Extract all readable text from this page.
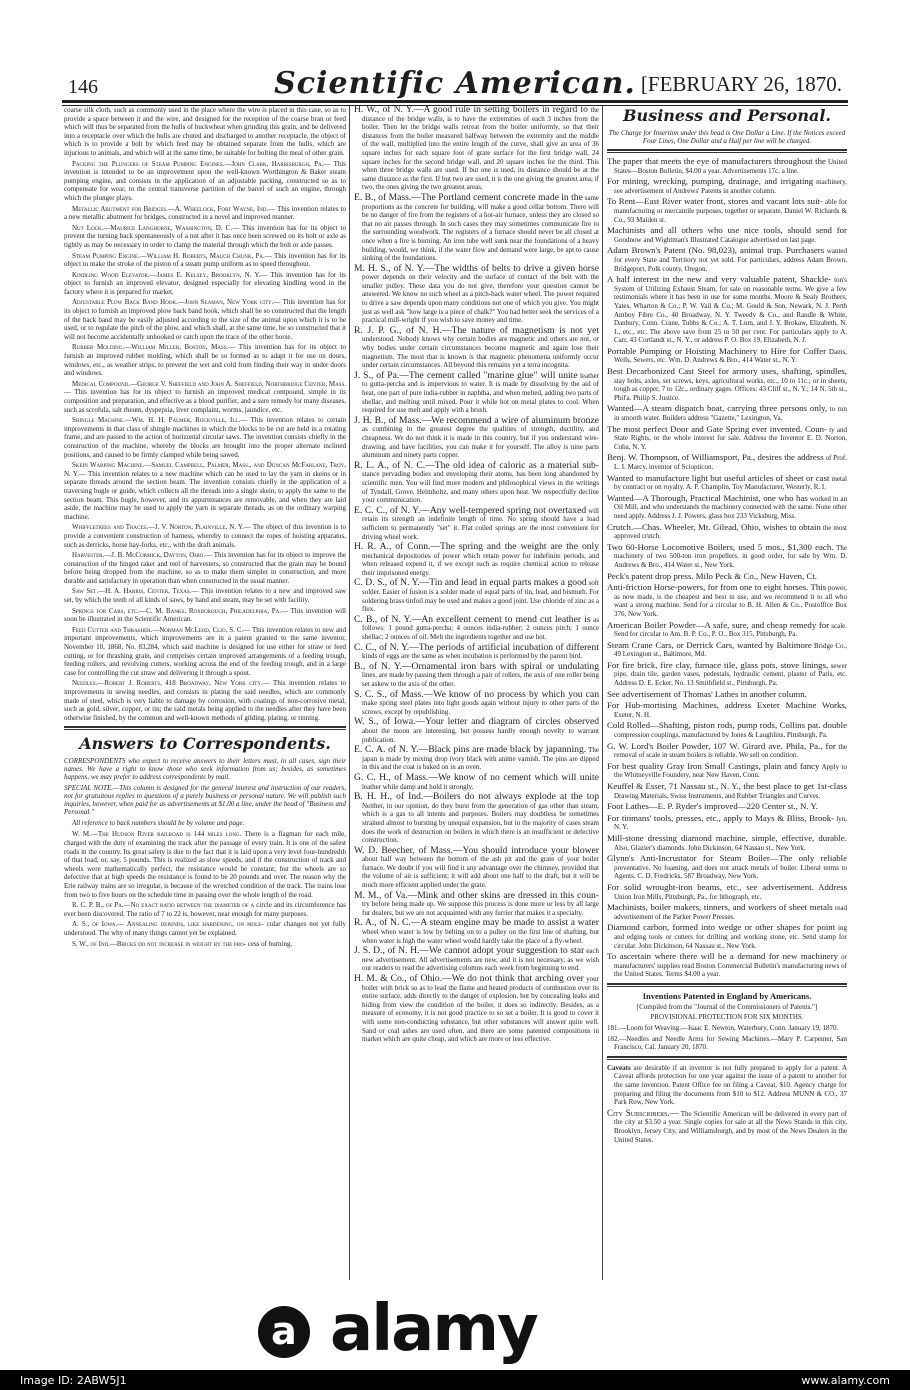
146	Scientific American. [FEBRUARY 26, 1870.

coarse silk cloth, such as commonly used in the place where the wire is placed in this case, so as to provide a space between it and the wire, and designed for the reception of the coarse bran or feed which will thus be separated from the hulls of buckwheat when grinding this grain, and be delivered into a receptacle over which the hulls are chuted and discharged to another receptacle, the object of which is to provide a bolt by which feed may be obtained separate from the hulls, which are injurious to animals, and which will at the same time, be suitable for bolting the meal of other grain.

Packing the Plungers of Steam Pumping Engines.—John Clark, Harrisburgh, Pa.— This invention is intended to be an improvement upon the well-known Worthington & Baker steam pumping engine, and consists in the application of an adjustable packing, constructed so as to compensate for wear, to the central transverse partition of the barrel of such an engine, through which the plunger plays.

Metallic Abutment for Bridges.—A. Wheelock, Fort Wayne, Ind.— This invention relates to a new metallic abutment for bridges, constructed in a novel and improved manner.

Nut Lock.—Maurice Langhorne, Washington, D. C.— This invention has for its object to prevent the turning back spontaneously of a nut after it has once been screwed on its bolt or axle as tightly as may be necessary in order to clamp the material through which the bolt or axle passes.

Steam Pumping Engine.—William H. Roberts, Mauch Chunk, Pa.— This invention has for its object to make the stroke of the piston of a steam pump uniform as to speed throughout.

Kindling Wood Elevator.—James E. Kelsey, Brooklyn, N. Y.— This invention has for its object to furnish an improved elevator, designed especially for elevating kindling wood in the factory where it is prepared for market.

Adjustable Plow Back Band Hook.—John Seaman, New York city.— This invention has for its object to furnish an improved plow back band hook, which shall be so constructed that the length of the back band may be easily adjusted according to the size of the animal upon which it is to be used, or to regulate the pitch of the plow, and which shall, at the same time, be so constructed that it will not become accidentally unhooked or catch upon the trace of the other horse.

Rubber Molding.—William Miller, Boston, Mass.— This invention has for its object to furnish an improved rubber molding, which shall be so formed as to adapt it for use on doors, windows, etc., as weather strips, to prevent the wet and cold from finding their way in under doors and windows.

Medical Compound.—George V. Sheffield and John A. Sheffield, Northbridge Center, Mass.— This invention has for its object to furnish an improved medical compound, simple in its composition and preparation, and effective as a blood purifier, and a sure remedy for many diseases, such as scrofula, salt rheum, dyspepsia, liver complaint, worms, jaundice, etc.

Shingle Machine.—Wm. H. H. Palmer, Rockville, Ill.— This invention relates to certain improvements in that class of shingle machines in which the blocks to be cut are held in a rotating frame, and are passed to the action of horizontal circular saws. The invention consists chiefly in the construction of the machine, whereby the blocks are brought into the proper alternate inclined positions, and caused to be firmly clamped while being sawed.

Skein Warping Machine.—Samuel Campbell, Palmer, Mass., and Duncan McFarlane, Troy, N. Y.— This invention relates to a new machine which can be used to lay the yarn in skeins or in separate threads around the section beam. The invention consists chiefly in the application of a traversing bugle or guide, which collects all the threads into a single skein, to apply the same to the section beam. This bugle, however, and its appurtenances are removable, and when they are laid aside, the machine may be used to apply the yarn in separate threads, as on the ordinary warping machine.

Whiffletrees and Traces.—J. V. Norton, Plainville, N. Y.— The object of this invention is to provide a convenient construction of harness, whereby to connect the ropes of hoisting apparatus, such as derricks, horse hay-forks, etc., with the draft animals.

Harvester.—J. B. McCormick, Dayton, Ohio.— This invention has for its object to improve the construction of the hinged raker and reel of harvesters, so constructed that the grain may be bound before being dropped from the machine, so as to make them simpler in construction, and more durable and satisfactory in operation than when constructed in the usual manner.

Saw Set.—H. A. Harris, Center, Texas.— This invention relates to a new and improved saw set, by which the teeth of all kinds of saws, by hand and steam, may be set with facility.

Springs for Cars, etc.—C. M. Banks, Roxborough, Philadelphia, Pa.— This invention will soon be illustrated in the Scientific American.

Feed Cutter and Thrasher.—Norman McLeod, Clio, S. C.— This invention relates to new and important improvements, which improvements are in a patent granted to the same inventor, November 10, 1868, No. 83,284, which said machine is designed for use either for straw or feed cutting, or for thrashing grain, and comprises certain improved arrangements of a feeding trough, feeding rollers, and revolving cutters, working across the end of the feeding trough, and in a large case for controlling the cut straw and delivering it through a spout.

Needles.—Robert J. Roberts, 418 Broadway, New York city.— This invention relates to improvements in sewing needles, and consists in plating the said needles, which are commonly made of steel, which is very liable to damage by corrosion, with coatings of non-corrosive metal, such as gold, silver, copper, or tin; the said metals being applied to the needles after they have been otherwise finished, by the common and well-known methods of gilding, plating, or tinning.

Answers to Correspondents.
CORRESPONDENTS who expect to receive answers to their letters must, in all cases, sign their names. We have a right to know those who seek information from us; besides, as sometimes happens, we may prefer to address correspondents by mail.
SPECIAL NOTE.—This column is designed for the general interest and instruction of our readers, not for gratuitous replies to questions of a purely business or personal nature. We will publish such inquiries, however, when paid for as advertisements at $1.00 a line, under the head of "Business and Personal."
All reference to back numbers should be by volume and page.

W. M.—The Hudson River railroad is 144 miles long. There is a flagman for each mile, charged with the duty of examining the track after the passage of every train. It is one of the safest roads in the country. Its great safety is due to the fact that it is laid upon a very level four-hundredth of that load, or, say, 5 pounds. This is realized as slow speeds, and if the construction of track and wheels were mathematically perfect, the resistance would be constant; but the wheels are so defective that at high speeds the resistance is found to be 20 pounds and over. The reason why the Erie railway trains are so irregular, is because of the wretched condition of the track. The trains lose from two to five hours on the schedule time in passing over the whole length of the road.

R. C. P. B., of Pa.—No exact ratio between the diameter of a circle and its circumference has ever been discovered. The ratio of 7 to 22 is, however, near enough for many purposes.

A. S., of Iowa.— Annealing depends, like hardening, on mole- cular changes not yet fully understood. The why of many things cannot yet be explained.

S. W., of Ind.—Bricks do not increase in weight by the pro- cess of burning.

H. W., of N. Y.—A good rule in setting boilers in regard to the distance of the bridge walls, is to have the extremities of each 3 inches from the boiler. Then let the bridge walls retreat from the boiler uniformly, so that their distances from the boiler measured halfway between the extremity and the middle of the wall, multiplied into the entire length of the curve, shall give an area of 36 square inches for each square foot of grate surface for the first bridge wall, 24 square inches for the second bridge wall, and 20 square inches for the third. This when three bridge walls are used. If but one is used, its distance should be at the same distance as the first. If but two are used, it is the one giving the greatest area; if two, the ones giving the two greatest areas.

E. B., of Mass.—The Portland cement concrete made in the same proportions as the concrete for building, will make a good cellar bottom. There will be no danger of fire from the registers of a hot-air furnace, unless they are closed so that no air passes through. In such cases they may sometimes communicate fire to the surrounding woodwork. The registers of a furnace should never be all closed at once when a fire is burning. An iron tube well sunk near the foundations of a heavy building, would, we think, if the water flow and demand were large, be apt to cause sinking of the foundations.

M. H. S., of N. Y.—The widths of belts to drive a given horse power depends on their velocity and the surface of contact of the belt with the smaller pulley. These data you do not give, therefore your question cannot be answered. We know no such wheel as a pitch-back water wheel. The power required to drive a saw depends upon many conditions not one of which you give. You might just as well ask "how large is a piece of chalk?" You had better seek the services of a practical mill-wright if you wish to save money and time.

R. J. P. G., of N. H.—The nature of magnetism is not yet understood. Nobody knows why certain bodies are magnetic and others are not, or why bodies under certain circumstances become magnetic and again lose their magnetism. The most that is known is that magnetic phenomena uniformly occur under certain circumstances. All beyond this remains yet a terra incognita.

J. S., of Pa.—The cement called "marine glue" will unite leather to gutta-percha and is impervious to water. It is made by dissolving by the aid of heat, one part of pure india-rubber in naphtha, and when melted, adding two parts of shellac, and melting until mixed. Pour it while hot on metal plates to cool. When required for use melt and apply with a brush.

J. H. B., of Mass.—We recommend a wire of aluminum bronze as combining in the greatest degree the qualities of strength, ductility, and cheapness. We do not think it is made in this country, but if you understand wire-drawing, and have facilities, you can make it for yourself. The alloy is nine parts aluminum and ninety parts copper.

R. L. A., of N. C.—The old idea of caloric as a material sub- stance pervading bodies and enveloping their atoms, has been long abandoned by scientific men. You will find more modern and philosophical views in the writings of Tyndall, Grove, Helmholtz, and many others upon heat. We respectfully decline your communication.

E. C. C., of N. Y.—Any well-tempered spring not overtaxed will retain its strength an indefinite length of time. No spring should have a load sufficient to permanently "set" it. Flat coiled springs are the most convenient for driving wheel work.

H. R. A., of Conn.—The spring and the weight are the only mechanical depositories of power which retain power for indefinite periods, and when released expend it, if we except such as require chemical action to release their imprisoned energy.

C. D. S., of N. Y.—Tin and lead in equal parts makes a good soft solder. Easier of fusion is a solder made of equal parts of tin, lead, and bismuth. For soldering brass tinfoil may be used and makes a good joint. Use chloride of zinc as a flux.

C. B., of N. Y.—An excellent cement to mend cut leather is as follows: 1 pound gutta-percha; 4 ounces india-rubber; 2 ounces pitch; 1 ounce shellac; 2 ounces of oil. Melt the ingredients together and use hot.

C. C., of N. Y.—The periods of artificial incubation of different kinds of eggs are the same as when incubation is performed by the parent bird.

B., of N. Y.—Ornamental iron bars with spiral or undulating lines, are made by passing them through a pair of rollers, the axis of one roller being set askew to the axis of the other.

S. C. S., of Mass.—We know of no process by which you can make spring steel plates into light goods again without injury to other parts of the screws, except by republishing.

W. S., of Iowa.—Your letter and diagram of circles observed about the moon are interesting, but possess hardly enough novelty to warrant publication.

E. C. A. of N. Y.—Black pins are made black by japanning. The japan is made by mixing drop ivory black with anime varnish. The pins are dipped in this and the coat is baked on in an oven.

G. C. H., of Mass.—We know of no cement which will unite leather while damp and hold it strongly.

B. H. H., of Ind.—Boilers do not always explode at the top Neither, in our opinion, do they burst from the generation of gas other than steam, which is a gas to all intents and purposes. Boilers may doubtless be sometimes strained almost to bursting by unequal expansion, but in the majority of cases steam does the work of destruction on boilers in which there is an insufficient or defective construction.

W. D. Beecher, of Mass.—You should introduce your blower about half way between the bottom of the ash pit and the grate of your boiler furnace. We doubt if you will find it any advantage over the chimney, provided that the volume of air is sufficient; it will add about one half to the draft, but it will be much more efficient applied under the grate.

M. M., of Va.—Mink and other skins are dressed in this coun- try before being made up. We suppose this process is done more or less by all large fur dealers, but we are not acquainted with any furrier that makes it a specialty.

R. A., of N. C.—A steam engine may be made to assist a water wheel when water is low by belting on to a pulley on the first line of shafting, but when water is high the water wheel would hardly take the place of a fly-wheel.

J. S. D., of N. H.—We cannot adopt your suggestion to star each new advertisement. All advertisements are new, and it is not necessary, as we wish our readers to read the advertising columns each week from beginning to end.

H. M. & Co., of Ohio.—We do not think that arching over your boiler with brick so as to lead the flame and heated products of combustion over its entire surface, adds directly to the danger of explosion, but by concealing leaks and hiding from view the condition of the boiler, it does so indirectly. Besides, as a measure of economy, it is not good practice to so set a boiler. It is good to cover it with some non-conducting substance, but other substances will answer quite well. Sand or coal ashes are used often, and there are some patented compositions in market which are quite cheap, and which are more or less effective.

Business and Personal.
The Charge for Insertion under this head is One Dollar a Line. If the Notices exceed Four Lines, One Dollar and a Half per line will be charged.

The paper that meets the eye of manufacturers throughout the United States—Boston Bulletin, $4.00 a year. Advertisements 17c. a line.

For mining, wrecking, pumping, drainage, and irrigating machinery, see advertisement of Andrews' Patents in another column.

To Rent—East River water front, stores and vacant lots suit- able for manufacturing or mercantile purposes, together or separate. Daniel W. Richards & Co., 93 Maiden st.

Machinists and all others who use nice tools, should send for Goodnow and Wightman's Illustrated Catalogue advertised on last page.

Adam Brown's Patent (No. 98,023), animal trap. Purchasers wanted for every State and Territory not yet sold. For particulars, address Adam Brown, Bridgeport, Polk county, Oregon.

A half interest in the new and very valuable patent, Shackle- ton's System of Utilizing Exhaust Steam, for sale on reasonable terms. We give a few testimonials where it has been in use for some months. Moore & Sealy Brothers; Yates, Wharton & Co.; P. W. Vail & Co.; M. Gould & Son, Newark, N. J. Perth Amboy Fibre Co., 40 Broadway, N. Y. Tweedy & Co., and Randle & White, Danbury, Conn. Crane, Tubbs & Co.; A. T. Lum, and J. Y. Brokaw, Elizabeth, N. J., etc., etc. The above save from 25 to 50 per cent. For particulars apply to A. Carr, 43 Cortlandt st., N. Y., or address P. O. Box 19, Elizabeth, N. J.

Portable Pumping or Hoisting Machinery to Hire for Coffer Dams, Wells, Sewers, etc. Wm. D. Andrews & Bro., 414 Water st., N. Y.

Best Decarbonized Cast Steel for armory uses, shafting, spindles, stay bolts, axles, set screws, keys, agricultural works, etc., 10 to 11c.; or in sheets, tough as copper, 7 to 12c., ordinary gages. Offices: 43 Cliff st., N. Y.; 14 N. 5th st., Phil'a. Philip S. Justice.

Wanted—A steam dispatch boat, carrying three persons only, to run in smooth water. Builders address "Gazette," Lexington, Va.

The most perfect Door and Gate Spring ever invented. Coun- ty and State Rights, or the whole interest for sale. Address the Inventor E. D. Norton, Cuba, N. Y.

Benj. W. Thompson, of Williamsport, Pa., desires the address of Prof. L. I. Marcy, inventor of Sciopticon.

Wanted to manufacture light but useful articles of sheet or cast metal by contract or on royalty. A. F. Champlin, Toy Manufacturer, Westerly, R. I.

Wanted—A Thorough, Practical Machinist, one who has worked in an Oil Mill, and who understands the machinery connected with the same. None other need apply. Address J. J. Powers, glass box 233 Vicksburg, Miss.

Crutch.—Chas. Wheeler, Mt. Gilead, Ohio, wishes to obtain the most approved crutch.

Two 60-Horse Locomotive Boilers, used 5 mos., $1,300 each. The machinery of two 500-ton iron propellers, in good order, for sale by Wm. D. Andrews & Bro., 414 Water st., New York.

Peck's patent drop press. Milo Peck & Co., New Haven, Ct.

Anti-friction Horse-powers, for from one to eight horses. This power, as now made, is the cheapest and best in use, and we recommend it to all who want a strong machine. Send for a circular to B. H. Allen & Co., Postoffice Box 376, New York.

American Boiler Powder—A safe, sure, and cheap remedy for scale. Send for circular to Am. B. P. Co., P. O., Box 315, Pittsburgh, Pa.

Steam Crane Cars, or Derrick Cars, wanted by Baltimore Bridge Co., 49 Lexington st., Baltimore, Md.

For fire brick, fire clay, furnace tile, glass pots, stove linings, sewer pipe, drain tile, garden vases, pedestals, hydraulic cement, plaster of Paris, etc. Address D. E. Ecker, No. 13 Smithfield st., Pittsburgh, Pa.

See advertisement of Thomas' Lathes in another column.

For Hub-mortising Machines, address Exeter Machine Works, Exeter, N. H.

Cold Rolled—Shafting, piston rods, pump rods, Collins pat. double compression couplings, manufactured by Jones & Laughlins, Pittsburgh, Pa.

G. W. Lord's Boiler Powder, 107 W. Girard ave. Phila, Pa., for the removal of scale in steam boilers is reliable. We sell on condition.

For best quality Gray Iron Small Castings, plain and fancy Apply to the Whitneyville Foundery, near New Haven, Conn.

Keuffel & Esser, 71 Nassau st., N. Y., the best place to get 1st-class Drawing Materials, Swiss Instruments, and Rubber Triangles and Curves.

Foot Lathes—E. P. Ryder's improved—220 Center st., N. Y.

For tinmans' tools, presses, etc., apply to Mays & Bliss, Brook- lyn, N. Y.

Mill-stone dressing diamond machine, simple, effective, durable. Also, Glazier's diamonds. John Dickinson, 64 Nassau st., New York.

Glynn's Anti-Incrustator for Steam Boiler—The only reliable preventative. No foaming, and does not attack metals of boiler. Liberal terms to Agents. C. D. Fredricks, 587 Broadway, New York.

For solid wrought-iron beams, etc., see advertisement. Address Union Iron Mills, Pittsburgh, Pa., for lithograph, etc.

Machinists, boiler makers, tinners, and workers of sheet metals read advertisement of the Parker Power Presses.

Diamond carbon, formed into wedge or other shapes for point ing and edging tools or cutters for drilling and working stone, etc. Send stamp for circular. John Dickinson, 64 Nassau st., New York.

To ascertain where there will be a demand for new machinery or manufacturers' supplies read Boston Commercial Bulletin's manufacturing news of the United States. Terms $4.00 a year.

Inventions Patented in England by Americans.

[Compiled from the "Journal of the Commissioners of Patents."]

PROVISIONAL PROTECTION FOR SIX MONTHS.

181.—Loom for Weaving.—Isaac E. Newton, Waterbury, Conn. January 19, 1870.

182.—Needles and Needle Arms for Sewing Machines.—Mary P. Carpenter, San Francisco, Cal. January 20, 1870.

Caveats are desirable if an inventor is not fully prepared to apply for a patent. A Caveat affords protection for one year against the issue of a patent to another for the same invention. Patent Office fee on filing a Caveat, $10. Agency charge for preparing and filing the documents from $10 to $12. Address MUNN & CO., 37 Park Row, New York.

City Subscribers.— The Scientific American will be delivered in every part of the city at $3.50 a year. Single copies for sale at all the News Stands in this city, Brooklyn, Jersey City, and Williamsburgh, and by most of the News Dealers in the United States.

a alamy
Image ID: 2ABW5J1	www.alamy.com
